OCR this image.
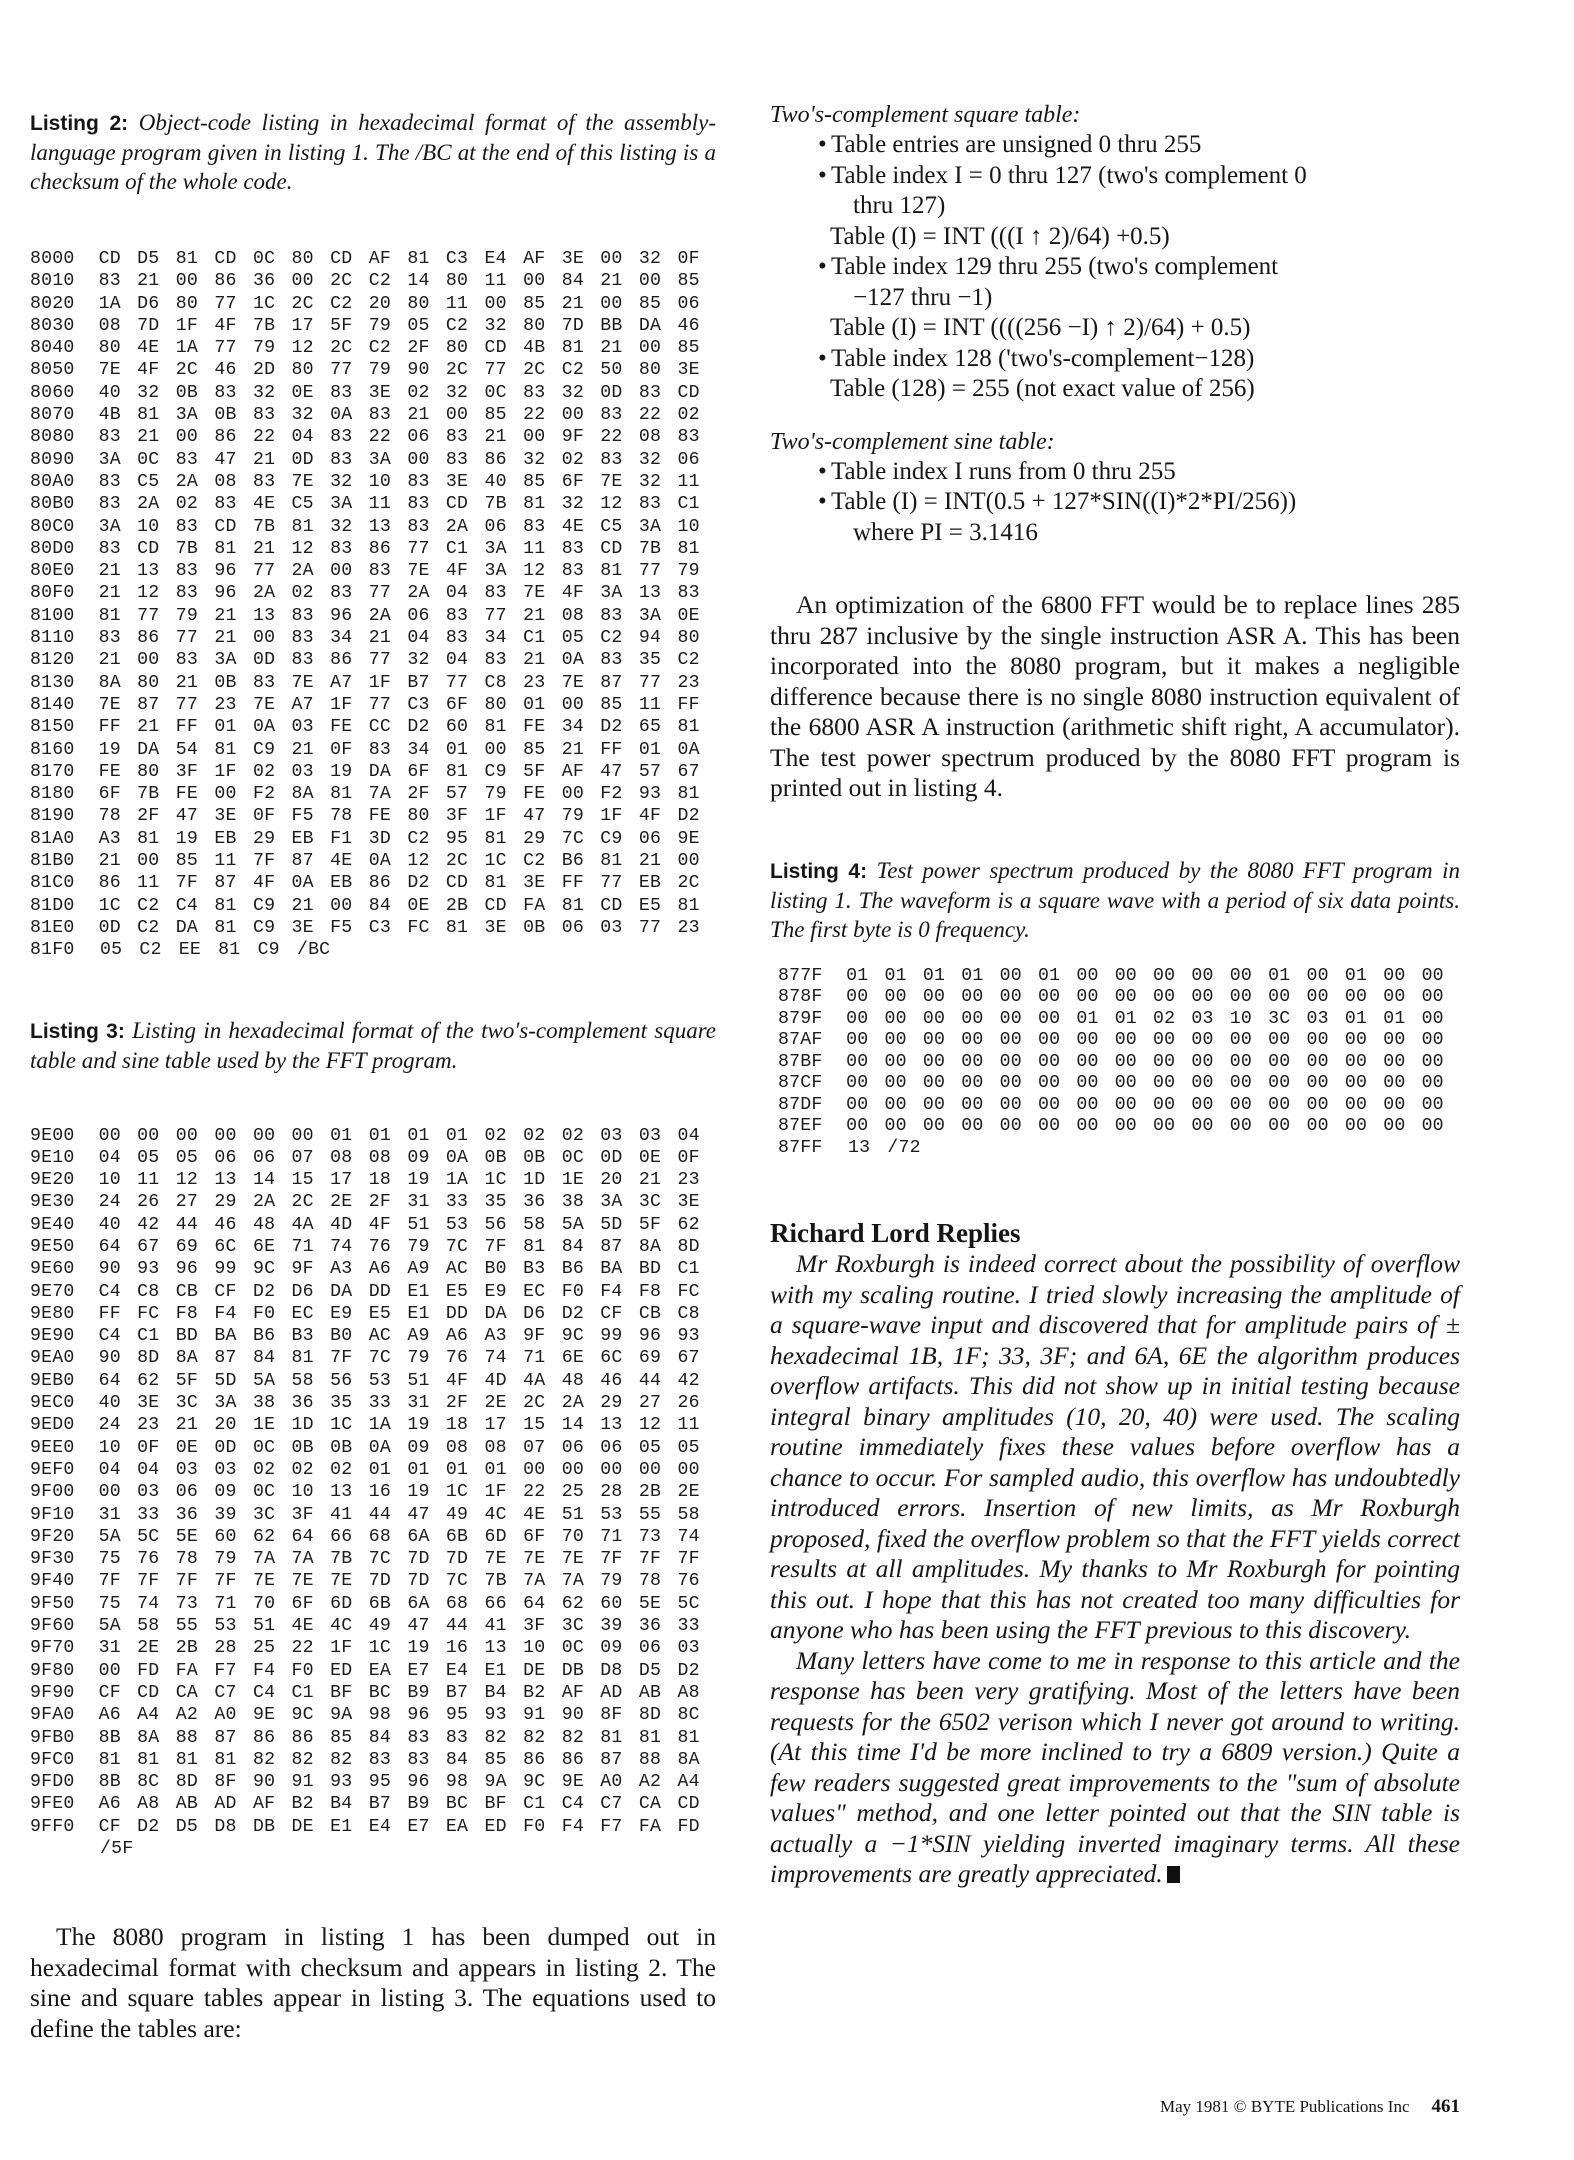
Listing 2: Object-code listing in hexadecimal format of the assembly-language program given in listing 1. The /BC at the end of this listing is a checksum of the whole code.
8000	CD D5 81 CD 0C 80 CD AF 81 C3 E4 AF 3E 00 32 0F
8010	83 21 00 86 36 00 2C C2 14 80 11 00 84 21 00 85
8020	1A D6 80 77 1C 2C C2 20 80 11 00 85 21 00 85 06
8030	08 7D 1F 4F 7B 17 5F 79 05 C2 32 80 7D BB DA 46
8040	80 4E 1A 77 79 12 2C C2 2F 80 CD 4B 81 21 00 85
8050	7E 4F 2C 46 2D 80 77 79 90 2C 77 2C C2 50 80 3E
8060	40 32 0B 83 32 0E 83 3E 02 32 0C 83 32 0D 83 CD
8070	4B 81 3A 0B 83 32 0A 83 21 00 85 22 00 83 22 02
8080	83 21 00 86 22 04 83 22 06 83 21 00 9F 22 08 83
8090	3A 0C 83 47 21 0D 83 3A 00 83 86 32 02 83 32 06
80A0	83 C5 2A 08 83 7E 32 10 83 3E 40 85 6F 7E 32 11
80B0	83 2A 02 83 4E C5 3A 11 83 CD 7B 81 32 12 83 C1
80C0	3A 10 83 CD 7B 81 32 13 83 2A 06 83 4E C5 3A 10
80D0	83 CD 7B 81 21 12 83 86 77 C1 3A 11 83 CD 7B 81
80E0	21 13 83 96 77 2A 00 83 7E 4F 3A 12 83 81 77 79
80F0	21 12 83 96 2A 02 83 77 2A 04 83 7E 4F 3A 13 83
8100	81 77 79 21 13 83 96 2A 06 83 77 21 08 83 3A 0E
8110	83 86 77 21 00 83 34 21 04 83 34 C1 05 C2 94 80
8120	21 00 83 3A 0D 83 86 77 32 04 83 21 0A 83 35 C2
8130	8A 80 21 0B 83 7E A7 1F B7 77 C8 23 7E 87 77 23
8140	7E 87 77 23 7E A7 1F 77 C3 6F 80 01 00 85 11 FF
8150	FF 21 FF 01 0A 03 FE CC D2 60 81 FE 34 D2 65 81
8160	19 DA 54 81 C9 21 0F 83 34 01 00 85 21 FF 01 0A
8170	FE 80 3F 1F 02 03 19 DA 6F 81 C9 5F AF 47 57 67
8180	6F 7B FE 00 F2 8A 81 7A 2F 57 79 FE 00 F2 93 81
8190	78 2F 47 3E 0F F5 78 FE 80 3F 1F 47 79 1F 4F D2
81A0	A3 81 19 EB 29 EB F1 3D C2 95 81 29 7C C9 06 9E
81B0	21 00 85 11 7F 87 4E 0A 12 2C 1C C2 B6 81 21 00
81C0	86 11 7F 87 4F 0A EB 86 D2 CD 81 3E FF 77 EB 2C
81D0	1C C2 C4 81 C9 21 00 84 0E 2B CD FA 81 CD E5 81
81E0	0D C2 DA 81 C9 3E F5 C3 FC 81 3E 0B 06 03 77 23
81F0	05 C2 EE 81 C9 /BC
Listing 3: Listing in hexadecimal format of the two's-complement square table and sine table used by the FFT program.
9E00	00 00 00 00 00 00 01 01 01 01 02 02 02 03 03 04
9E10	04 05 05 06 06 07 08 08 09 0A 0B 0B 0C 0D 0E 0F
9E20	10 11 12 13 14 15 17 18 19 1A 1C 1D 1E 20 21 23
9E30	24 26 27 29 2A 2C 2E 2F 31 33 35 36 38 3A 3C 3E
9E40	40 42 44 46 48 4A 4D 4F 51 53 56 58 5A 5D 5F 62
9E50	64 67 69 6C 6E 71 74 76 79 7C 7F 81 84 87 8A 8D
9E60	90 93 96 99 9C 9F A3 A6 A9 AC B0 B3 B6 BA BD C1
9E70	C4 C8 CB CF D2 D6 DA DD E1 E5 E9 EC F0 F4 F8 FC
9E80	FF FC F8 F4 F0 EC E9 E5 E1 DD DA D6 D2 CF CB C8
9E90	C4 C1 BD BA B6 B3 B0 AC A9 A6 A3 9F 9C 99 96 93
9EA0	90 8D 8A 87 84 81 7F 7C 79 76 74 71 6E 6C 69 67
9EB0	64 62 5F 5D 5A 58 56 53 51 4F 4D 4A 48 46 44 42
9EC0	40 3E 3C 3A 38 36 35 33 31 2F 2E 2C 2A 29 27 26
9ED0	24 23 21 20 1E 1D 1C 1A 19 18 17 15 14 13 12 11
9EE0	10 0F 0E 0D 0C 0B 0B 0A 09 08 08 07 06 06 05 05
9EF0	04 04 03 03 02 02 02 01 01 01 01 00 00 00 00 00
9F00	00 03 06 09 0C 10 13 16 19 1C 1F 22 25 28 2B 2E
9F10	31 33 36 39 3C 3F 41 44 47 49 4C 4E 51 53 55 58
9F20	5A 5C 5E 60 62 64 66 68 6A 6B 6D 6F 70 71 73 74
9F30	75 76 78 79 7A 7A 7B 7C 7D 7D 7E 7E 7E 7F 7F 7F
9F40	7F 7F 7F 7F 7E 7E 7E 7D 7D 7C 7B 7A 7A 79 78 76
9F50	75 74 73 71 70 6F 6D 6B 6A 68 66 64 62 60 5E 5C
9F60	5A 58 55 53 51 4E 4C 49 47 44 41 3F 3C 39 36 33
9F70	31 2E 2B 28 25 22 1F 1C 19 16 13 10 0C 09 06 03
9F80	00 FD FA F7 F4 F0 ED EA E7 E4 E1 DE DB D8 D5 D2
9F90	CF CD CA C7 C4 C1 BF BC B9 B7 B4 B2 AF AD AB A8
9FA0	A6 A4 A2 A0 9E 9C 9A 98 96 95 93 91 90 8F 8D 8C
9FB0	8B 8A 88 87 86 86 85 84 83 83 82 82 82 81 81 81
9FC0	81 81 81 81 82 82 82 83 83 84 85 86 86 87 88 8A
9FD0	8B 8C 8D 8F 90 91 93 95 96 98 9A 9C 9E A0 A2 A4
9FE0	A6 A8 AB AD AF B2 B4 B7 B9 BC BF C1 C4 C7 CA CD
9FF0	CF D2 D5 D8 DB DE E1 E4 E7 EA ED F0 F4 F7 FA FD
/5F

The 8080 program in listing 1 has been dumped out in hexadecimal format with checksum and appears in listing 2. The sine and square tables appear in listing 3. The equations used to define the tables are:

Two's-complement square table:
• Table entries are unsigned 0 thru 255
• Table index I = 0 thru 127 (two's complement 0
thru 127)
Table (I) = INT (((I ↑ 2)/64) +0.5)
• Table index 129 thru 255 (two's complement
−127 thru −1)
Table (I) = INT ((((256 −I) ↑ 2)/64) + 0.5)
• Table index 128 ('two's-complement−128)
Table (128) = 255 (not exact value of 256)
Two's-complement sine table:
• Table index I runs from 0 thru 255
• Table (I) = INT(0.5 + 127*SIN((I)*2*PI/256))
where PI = 3.1416

An optimization of the 6800 FFT would be to replace lines 285 thru 287 inclusive by the single instruction ASR A. This has been incorporated into the 8080 program, but it makes a negligible difference because there is no single 8080 instruction equivalent of the 6800 ASR A instruction (arithmetic shift right, A accumulator). The test power spectrum produced by the 8080 FFT program is printed out in listing 4.

Listing 4: Test power spectrum produced by the 8080 FFT program in listing 1. The waveform is a square wave with a period of six data points. The first byte is 0 frequency.
877F	01 01 01 01 00 01 00 00 00 00 00 01 00 01 00 00
878F	00 00 00 00 00 00 00 00 00 00 00 00 00 00 00 00
879F	00 00 00 00 00 00 01 01 02 03 10 3C 03 01 01 00
87AF	00 00 00 00 00 00 00 00 00 00 00 00 00 00 00 00
87BF	00 00 00 00 00 00 00 00 00 00 00 00 00 00 00 00
87CF	00 00 00 00 00 00 00 00 00 00 00 00 00 00 00 00
87DF	00 00 00 00 00 00 00 00 00 00 00 00 00 00 00 00
87EF	00 00 00 00 00 00 00 00 00 00 00 00 00 00 00 00
87FF	13 /72
Richard Lord Replies

Mr Roxburgh is indeed correct about the possibility of overflow with my scaling routine. I tried slowly increasing the amplitude of a square-wave input and discovered that for amplitude pairs of ± hexadecimal 1B, 1F; 33, 3F; and 6A, 6E the algorithm produces overflow artifacts. This did not show up in initial testing because integral binary amplitudes (10, 20, 40) were used. The scaling routine immediately fixes these values before overflow has a chance to occur. For sampled audio, this overflow has undoubtedly introduced errors. Insertion of new limits, as Mr Roxburgh proposed, fixed the overflow problem so that the FFT yields correct results at all amplitudes. My thanks to Mr Roxburgh for pointing this out. I hope that this has not created too many difficulties for anyone who has been using the FFT previous to this discovery.

Many letters have come to me in response to this article and the response has been very gratifying. Most of the letters have been requests for the 6502 verison which I never got around to writing. (At this time I'd be more inclined to try a 6809 version.) Quite a few readers suggested great improvements to the "sum of absolute values" method, and one letter pointed out that the SIN table is actually a −1*SIN yielding inverted imaginary terms. All these improvements are greatly appreciated.

May 1981 © BYTE Publications Inc 461
